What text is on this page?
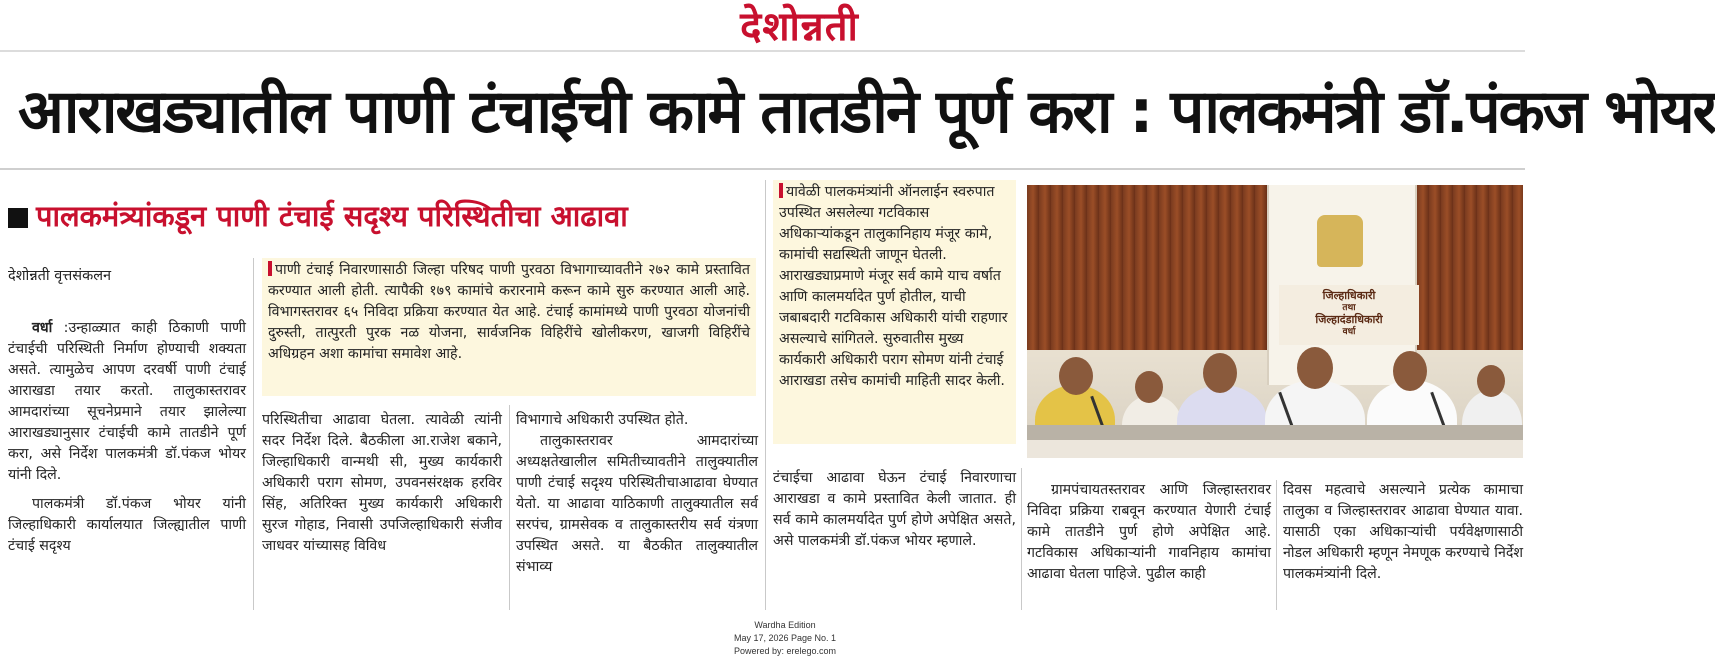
देशोन्नती
आराखड्यातील पाणी टंचाईची कामे तातडीने पूर्ण करा : पालकमंत्री डॉ.पंकज भोयर
पालकमंत्र्यांकडून पाणी टंचाई सदृश्य परिस्थितीचा आढावा
देशोन्नती वृत्तसंकलन

वर्धा :उन्हाळ्यात काही ठिकाणी पाणी टंचाईची परिस्थिती निर्माण होण्याची शक्यता असते. त्यामुळेच आपण दरवर्षी पाणी टंचाई आराखडा तयार करतो. तालुकास्तरावर आमदारांच्या सूचनेप्रमाने तयार झालेल्या आराखड्यानुसार टंचाईची कामे तातडीने पूर्ण करा, असे निर्देश पालकमंत्री डॉ.पंकज भोयर यांनी दिले.

पालकमंत्री डॉ.पंकज भोयर यांनी जिल्हाधिकारी कार्यालयात जिल्ह्यातील पाणी टंचाई सदृश्य

पाणी टंचाई निवारणासाठी जिल्हा परिषद पाणी पुरवठा विभागाच्यावतीने २७२ कामे प्रस्तावित करण्यात आली होती. त्यापैकी १७९ कामांचे करारनामे करून कामे सुरु करण्यात आली आहे. विभागस्तरावर ६५ निविदा प्रक्रिया करण्यात येत आहे. टंचाई कामांमध्ये पाणी पुरवठा योजनांची दुरुस्ती, तात्पुरती पुरक नळ योजना, सार्वजनिक विहिरींचे खोलीकरण, खाजगी विहिरींचे अधिग्रहन अशा कामांचा समावेश आहे.

परिस्थितीचा आढावा घेतला. त्यावेळी त्यांनी सदर निर्देश दिले. बैठकीला आ.राजेश बकाने, जिल्हाधिकारी वान्मथी सी, मुख्य कार्यकारी अधिकारी पराग सोमण, उपवनसंरक्षक हरविर सिंह, अतिरिक्त मुख्य कार्यकारी अधिकारी सुरज गोहाड, निवासी उपजिल्हाधिकारी संजीव जाधवर यांच्यासह विविध

विभागाचे अधिकारी उपस्थित होते.

तालुकास्तरावर आमदारांच्या अध्यक्षतेखालील समितीच्यावतीने तालुक्यातील पाणी टंचाई सदृश्य परिस्थितीचाआढावा घेण्यात येतो. या आढावा याठिकाणी तालुक्यातील सर्व सरपंच, ग्रामसेवक व तालुकास्तरीय सर्व यंत्रणा उपस्थित असते. या बैठकीत तालुक्यातील संभाव्य

यावेळी पालकमंत्र्यांनी ऑनलाईन स्वरुपात उपस्थित असलेल्या गटविकास अधिकाऱ्यांकडून तालुकानिहाय मंजूर कामे, कामांची सद्यस्थिती जाणून घेतली. आराखड्याप्रमाणे मंजूर सर्व कामे याच वर्षात आणि कालमर्यादेत पुर्ण होतील, याची जबाबदारी गटविकास अधिकारी यांची राहणार असल्याचे सांगितले. सुरुवातीस मुख्य कार्यकारी अधिकारी पराग सोमण यांनी टंचाई आराखडा तसेच कामांची माहिती सादर केली.

टंचाईचा आढावा घेऊन टंचाई निवारणाचा आराखडा व कामे प्रस्तावित केली जातात. ही सर्व कामे कालमर्यादेत पुर्ण होणे अपेक्षित असते, असे पालकमंत्री डॉ.पंकज भोयर म्हणाले.

जिल्हाधिकारी
तथा
जिल्हादंडाधिकारी
वर्धा

ग्रामपंचायतस्तरावर आणि जिल्हास्तरावर निविदा प्रक्रिया राबवून करण्यात येणारी टंचाई कामे तातडीने पुर्ण होणे अपेक्षित आहे. गटविकास अधिकाऱ्यांनी गावनिहाय कामांचा आढावा घेतला पाहिजे. पुढील काही

दिवस महत्वाचे असल्याने प्रत्येक कामाचा तालुका व जिल्हास्तरावर आढावा घेण्यात यावा. यासाठी एका अधिकाऱ्यांची पर्यवेक्षणासाठी नोडल अधिकारी म्हणून नेमणूक करण्याचे निर्देश पालकमंत्र्यांनी दिले.

Wardha Edition
May 17, 2026 Page No. 1
Powered by: erelego.com
